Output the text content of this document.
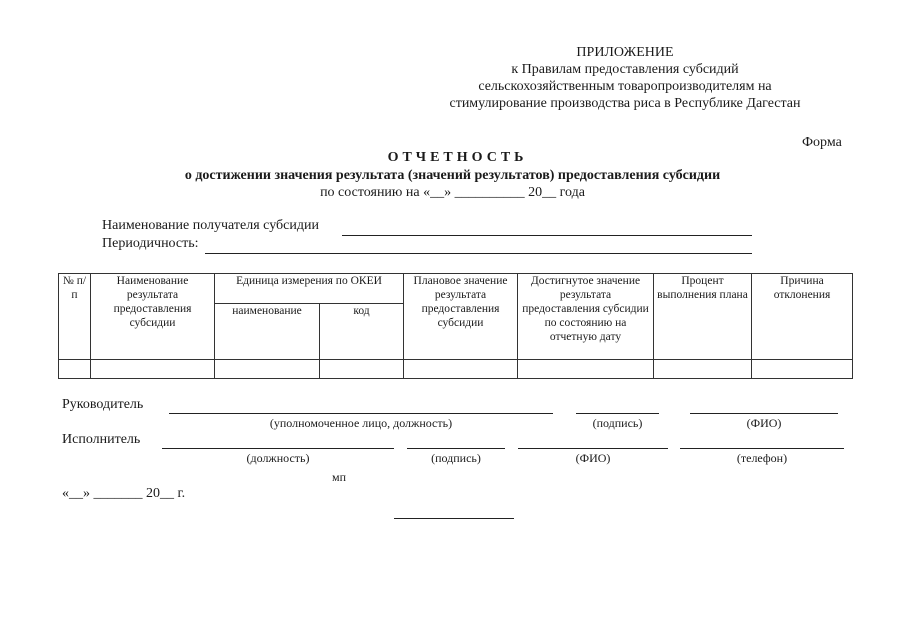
ПРИЛОЖЕНИЕ
к Правилам предоставления субсидий
сельскохозяйственным товаропроизводителям на
стимулирование производства риса в Республике Дагестан
Форма
ОТЧЕТНОСТЬ
о достижении значения результата (значений результатов) предоставления субсидии
по состоянию на «__» __________ 20__ года
Наименование получателя субсидии
Периодичность:
№ п/п	Наименование результата предоставления субсидии	Единица измерения по ОКЕИ		Плановое значение результата предоставления субсидии	Достигнутое значение результата предоставления субсидии по состоянию на отчетную дату	Процент выполнения плана	Причина отклонения
		наименование	код				

Руководитель
(уполномоченное лицо, должность)	(подпись)	(ФИО)
Исполнитель
(должность)	(подпись)	(ФИО)	(телефон)
мп
«__» _______ 20__ г.
